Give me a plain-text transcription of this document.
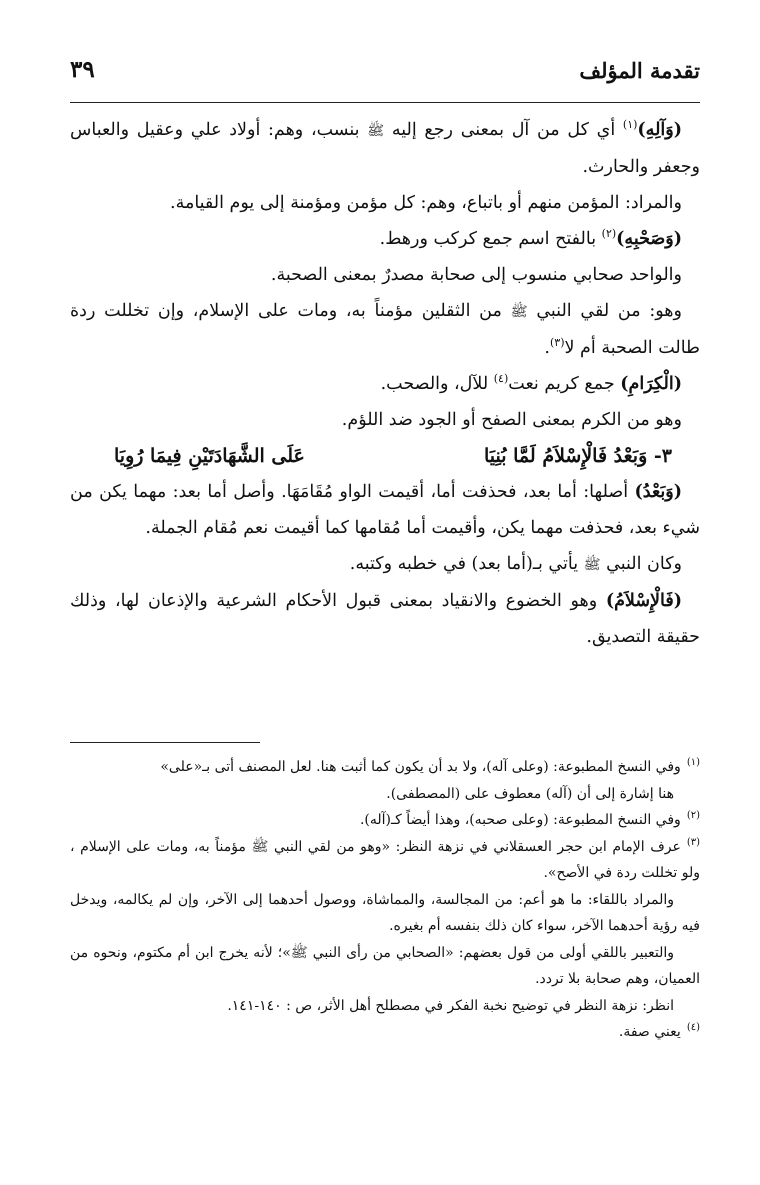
تقدمة المؤلف
٣٩

(وَآلِهِ)$^{(١)}$ أي كل من آل بمعنى رجع إليه ﷺ بنسب، وهم: أولاد علي وعقيل والعباس وجعفر والحارث.

والمراد: المؤمن منهم أو باتباع، وهم: كل مؤمن ومؤمنة إلى يوم القيامة.

(وَصَحْبِهِ)$^{(٢)}$ بالفتح اسم جمع كركب ورهط.

والواحد صحابي منسوب إلى صحابة مصدرٌ بمعنى الصحبة.

وهو: من لقي النبي ﷺ من الثقلين مؤمناً به، ومات على الإسلام، وإن تخللت ردة طالت الصحبة أم لا$^{(٣)}$.

(الْكِرَامِ) جمع كريم نعت$^{(٤)}$ للآل، والصحب.

وهو من الكرم بمعنى الصفح أو الجود ضد اللؤم.

٣- وَبَعْدُ فَالْإِسْلاَمُ لَمَّا بُنِيَا
عَلَى الشَّهَادَتَيْنِ فِيمَا رُوِيَا

(وَبَعْدُ) أصلها: أما بعد، فحذفت أما، أقيمت الواو مُقَامَهَا. وأصل أما بعد: مهما يكن من شيء بعد، فحذفت مهما يكن، وأقيمت أما مُقامها كما أقيمت نعم مُقام الجملة.

وكان النبي ﷺ يأتي بـ(أما بعد) في خطبه وكتبه.

(فَالْإِسْلاَمُ) وهو الخضوع والانقياد بمعنى قبول الأحكام الشرعية والإذعان لها، وذلك حقيقة التصديق.

$^{(١)}$وفي النسخ المطبوعة: (وعلى آله)، ولا بد أن يكون كما أثبت هنا. لعل المصنف أتى بـ«على»

هنا إشارة إلى أن (آله) معطوف على (المصطفى).

$^{(٢)}$وفي النسخ المطبوعة: (وعلى صحبه)، وهذا أيضاً كـ(آله).

$^{(٣)}$عرف الإمام ابن حجر العسقلاني في نزهة النظر: «وهو من لقي النبي ﷺ مؤمناً به، ومات على الإسلام ، ولو تخللت ردة في الأصح».

والمراد باللقاء: ما هو أعم: من المجالسة، والمماشاة، ووصول أحدهما إلى الآخر، وإن لم يكالمه، ويدخل فيه رؤية أحدهما الآخر، سواء كان ذلك بنفسه أم بغيره.

والتعبير باللقي أولى من قول بعضهم: «الصحابي من رأى النبي ﷺ»؛ لأنه يخرج ابن أم مكتوم، ونحوه من العميان، وهم صحابة بلا تردد.

انظر: نزهة النظر في توضيح نخبة الفكر في مصطلح أهل الأثر، ص : ١٤٠-١٤١.

$^{(٤)}$يعني صفة.
